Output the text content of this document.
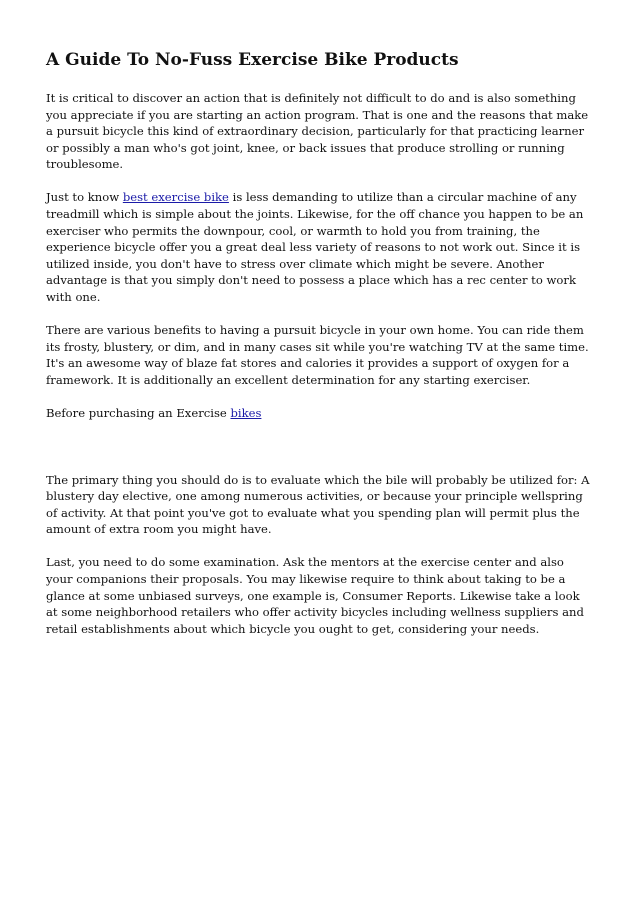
A Guide To No-Fuss Exercise Bike Products

It is critical to discover an action that is definitely not difficult to do and is also something you appreciate if you are starting an action program. That is one and the reasons that make a pursuit bicycle this kind of extraordinary decision, particularly for that practicing learner or possibly a man who's got joint, knee, or back issues that produce strolling or running troublesome.

Just to know best exercise bike is less demanding to utilize than a circular machine of any treadmill which is simple about the joints. Likewise, for the off chance you happen to be an exerciser who permits the downpour, cool, or warmth to hold you from training, the experience bicycle offer you a great deal less variety of reasons to not work out. Since it is utilized inside, you don't have to stress over climate which might be severe. Another advantage is that you simply don't need to possess a place which has a rec center to work with one.

There are various benefits to having a pursuit bicycle in your own home. You can ride them its frosty, blustery, or dim, and in many cases sit while you're watching TV at the same time. It's an awesome way of blaze fat stores and calories it provides a support of oxygen for a framework. It is additionally an excellent determination for any starting exerciser.

Before purchasing an Exercise bikes

The primary thing you should do is to evaluate which the bile will probably be utilized for: A blustery day elective, one among numerous activities, or because your principle wellspring of activity. At that point you've got to evaluate what you spending plan will permit plus the amount of extra room you might have.

Last, you need to do some examination. Ask the mentors at the exercise center and also your companions their proposals. You may likewise require to think about taking to be a glance at some unbiased surveys, one example is, Consumer Reports. Likewise take a look at some neighborhood retailers who offer activity bicycles including wellness suppliers and retail establishments about which bicycle you ought to get, considering your needs.
